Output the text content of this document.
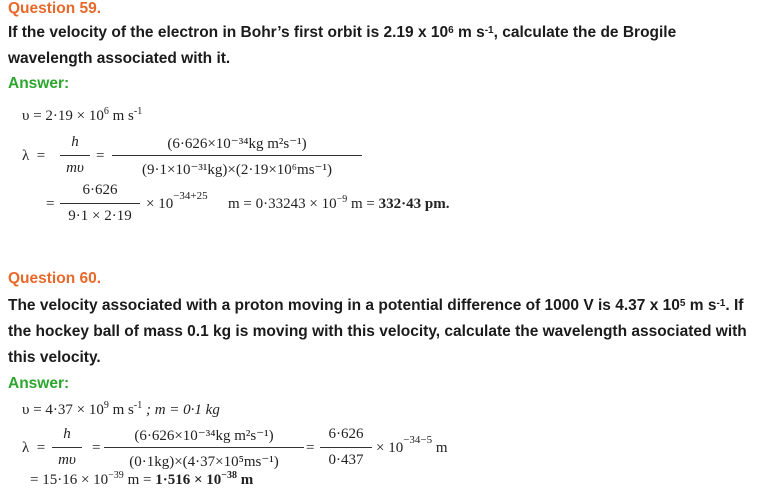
Question 59.
If the velocity of the electron in Bohr’s first orbit is 2.19 x $10^6$ m $s^{-1}$, calculate the de Brogile wavelength associated with it.
Answer:
$\upsilon = 2\cdot 19 \times 10^6$ m $s^{-1}$
λ =
h
mυ
=
(6·626×10⁻³⁴kg m²s⁻¹)
(9·1×10⁻³¹kg)×(2·19×10⁶ms⁻¹)
=
6·626
9·1 × 2·19
× $10^{-34+25}$ $m = 0\cdot 33243 \times 10^{-9}$ m = 332·43 pm.
Question 60.
The velocity associated with a proton moving in a potential difference of 1000 V is 4.37 x $10^5$ m $s^{-1}$. If the hockey ball of mass 0.1 kg is moving with this velocity, calculate the wavelength associated with this velocity.
Answer:
$\upsilon = 4\cdot 37 \times 10^9$ m $s^{-1}$ ; m = 0·1 kg
λ =
h
mυ
=
(6·626×10⁻³⁴kg m²s⁻¹)
(0·1kg)×(4·37×10⁵ms⁻¹)
=
6·626
0·437
× $10^{-34-5}$ m
= $15\cdot 16 \times 10^{-39}$ $m = 1\cdot 516 \times 10^{-38}$ m
